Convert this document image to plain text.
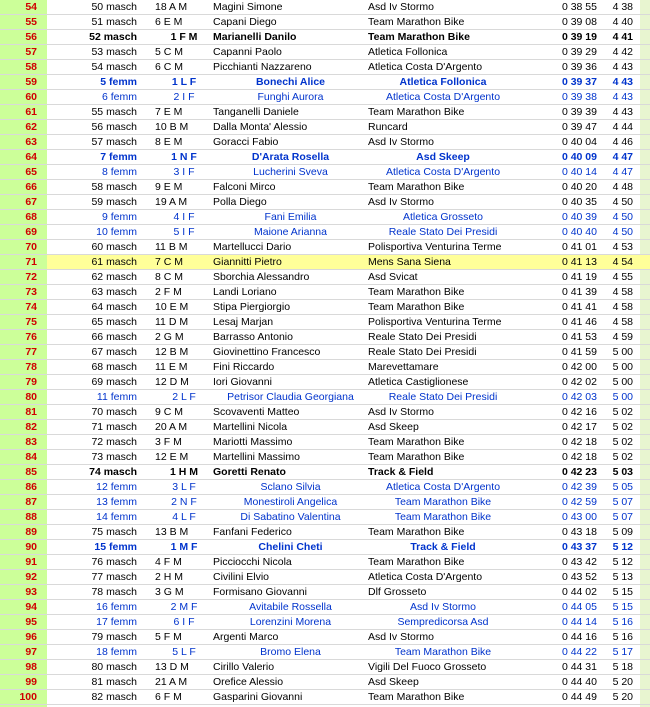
54	50 masch 18 A M	Magini Simone	Asd Iv Stormo	0 38 55	4 38
55	51 masch 6 E M	Capani Diego	Team Marathon Bike	0 39 08	4 40
56	52 masch	1 F M	Marianelli Danilo	Team Marathon Bike	0 39 19	4 41
57	53 masch 5 C M	Capanni Paolo	Atletica Follonica	0 39 29	4 42
58	54 masch 6 C M	Picchianti Nazzareno	Atletica Costa D'Argento	0 39 36	4 43
59	5 femm	1 L F	Bonechi Alice	Atletica Follonica	0 39 37	4 43
60	6 femm	2 I F	Funghi Aurora	Atletica Costa D'Argento	0 39 38	4 43
61	55 masch 7 E M	Tanganelli Daniele	Team Marathon Bike	0 39 39	4 43
62	56 masch 10 B M	Dalla Monta' Alessio	Runcard	0 39 47	4 44
63	57 masch 8 E M	Goracci Fabio	Asd Iv Stormo	0 40 04	4 46
64	7 femm	1 N F	D'Arata Rosella	Asd Skeep	0 40 09	4 47
65	8 femm	3 I F	Lucherini Sveva	Atletica Costa D'Argento	0 40 14	4 47
66	58 masch 9 E M	Falconi Mirco	Team Marathon Bike	0 40 20	4 48
67	59 masch 19 A M	Polla Diego	Asd Iv Stormo	0 40 35	4 50
68	9 femm	4 I F	Fani Emilia	Atletica Grosseto	0 40 39	4 50
69	10 femm	5 I F	Maione Arianna	Reale Stato Dei Presidi	0 40 40	4 50
70	60 masch 11 B M	Martellucci Dario	Polisportiva Venturina Terme	0 41 01	4 53
71	61 masch 7 C M	Giannitti Pietro	Mens Sana Siena	0 41 13	4 54
72	62 masch 8 C M	Sborchia Alessandro	Asd Svicat	0 41 19	4 55
73	63 masch 2 F M	Landi Loriano	Team Marathon Bike	0 41 39	4 58
74	64 masch 10 E M	Stipa Piergiorgio	Team Marathon Bike	0 41 41	4 58
75	65 masch 11 D M	Lesaj Marjan	Polisportiva Venturina Terme	0 41 46	4 58
76	66 masch 2 G M	Barrasso Antonio	Reale Stato Dei Presidi	0 41 53	4 59
77	67 masch 12 B M	Giovinettino Francesco	Reale Stato Dei Presidi	0 41 59	5 00
78	68 masch 11 E M	Fini Riccardo	Marevettamare	0 42 00	5 00
79	69 masch 12 D M	Iori Giovanni	Atletica Castiglionese	0 42 02	5 00
80	11 femm	2 L F	Petrisor Claudia Georgiana	Reale Stato Dei Presidi	0 42 03	5 00
81	70 masch 9 C M	Scovaventi Matteo	Asd Iv Stormo	0 42 16	5 02
82	71 masch 20 A M	Martellini Nicola	Asd Skeep	0 42 17	5 02
83	72 masch 3 F M	Mariotti Massimo	Team Marathon Bike	0 42 18	5 02
84	73 masch 12 E M	Martellini Massimo	Team Marathon Bike	0 42 18	5 02
85	74 masch	1 H M	Goretti Renato	Track & Field	0 42 23	5 03
86	12 femm	3 L F	Sclano Silvia	Atletica Costa D'Argento	0 42 39	5 05
87	13 femm	2 N F	Monestiroli Angelica	Team Marathon Bike	0 42 59	5 07
88	14 femm	4 L F	Di Sabatino Valentina	Team Marathon Bike	0 43 00	5 07
89	75 masch 13 B M	Fanfani Federico	Team Marathon Bike	0 43 18	5 09
90	15 femm	1 M F	Chelini Cheti	Track & Field	0 43 37	5 12
91	76 masch 4 F M	Picciocchi Nicola	Team Marathon Bike	0 43 42	5 12
92	77 masch 2 H M	Civilini Elvio	Atletica Costa D'Argento	0 43 52	5 13
93	78 masch 3 G M	Formisano Giovanni	Dlf Grosseto	0 44 02	5 15
94	16 femm	2 M F	Avitabile Rossella	Asd Iv Stormo	0 44 05	5 15
95	17 femm	6 I F	Lorenzini Morena	Sempredicorsa Asd	0 44 14	5 16
96	79 masch 5 F M	Argenti Marco	Asd Iv Stormo	0 44 16	5 16
97	18 femm	5 L F	Bromo Elena	Team Marathon Bike	0 44 22	5 17
98	80 masch 13 D M	Cirillo Valerio	Vigili Del Fuoco Grosseto	0 44 31	5 18
99	81 masch 21 A M	Orefice Alessio	Asd Skeep	0 44 40	5 20
100	82 masch 6 F M	Gasparini Giovanni	Team Marathon Bike	0 44 49	5 20
